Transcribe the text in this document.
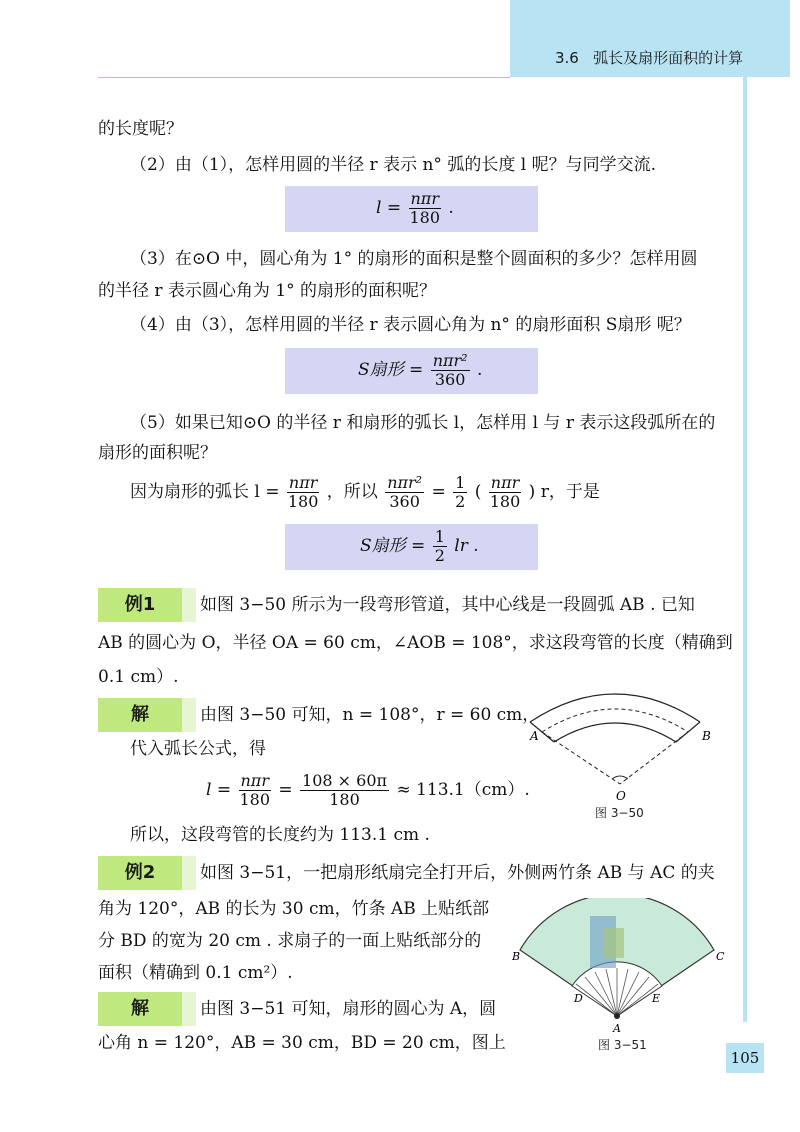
3.6 弧长及扇形面积的计算
的长度呢？
（2）由（1），怎样用圆的半径 r 表示 n° 弧的长度 l 呢？与同学交流.
$l = \frac{\text{nπr}}{180}$ .
（3）在⊙O 中，圆心角为 1° 的扇形的面积是整个圆面积的多少？怎样用圆
的半径 r 表示圆心角为 1° 的扇形的面积呢？
（4）由（3），怎样用圆的半径 r 表示圆心角为 n° 的扇形面积 S扇形 呢？
S扇形 = $\frac{\text{nπr²}}{360}$ .
（5）如果已知⊙O 的半径 r 和扇形的弧长 l，怎样用 l 与 r 表示这段弧所在的
扇形的面积呢？
因为扇形的弧长 $l = \frac{\text{nπr}}{180}$ ，所以 $\frac{\text{nπr²}}{360} = \frac{1}{2}$ ( $\frac{\text{nπr}}{180}$ ) r，于是
S扇形 = $\frac{1}{2}$ lr .
例1	如图 3−50 所示为一段弯形管道，其中心线是一段圆弧 AB . 已知
AB 的圆心为 O，半径 OA = 60 cm，∠AOB = 108°，求这段弯管的长度（精确到
0.1 cm）.
解	由图 3−50 可知，n = 108°，r = 60 cm，
代入弧长公式，得
$l = \frac{\text{nπr}}{180} = \frac{108 \times 60\pi}{180} \approx 113.1(cm)$.
所以，这段弯管的长度约为 113.1 cm .
A	B
O
图 3−50
例2	如图 3−51，一把扇形纸扇完全打开后，外侧两竹条 AB 与 AC 的夹
角为 120°，AB 的长为 30 cm，竹条 AB 上贴纸部
分 BD 的宽为 20 cm . 求扇子的一面上贴纸部分的
面积（精确到 0.1 cm²）.
解	由图 3−51 可知，扇形的圆心为 A，圆
心角 n = 120°，AB = 30 cm，BD = 20 cm，图上
B	C
D	E
A
图 3−51
105
